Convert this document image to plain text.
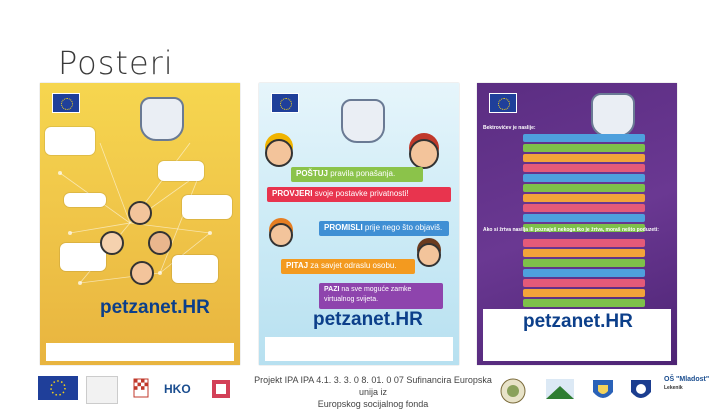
Posteri
petzanet.HR
POŠTUJ pravila ponašanja.
PROVJERI svoje postavke privatnosti!
PROMISLI prije nego što objaviš.
PITAJ za savjet odraslu osobu.
PAZI na sve moguće zamke virtualnog svijeta.
petzanet.HR
Bektrovićev je naslije:
Ako si žrtva nasilja ili poznaješ nekoga tko je žrtva, moraš nešto poduzeti:
petzanet.HR
HKO
OŠ "Mladost"
Lekenik
Projekt IPA IPA 4.1. 3. 3. 0 8. 01. 0 07 Sufinancira Europska unija iz
Europskog socijalnog fonda
